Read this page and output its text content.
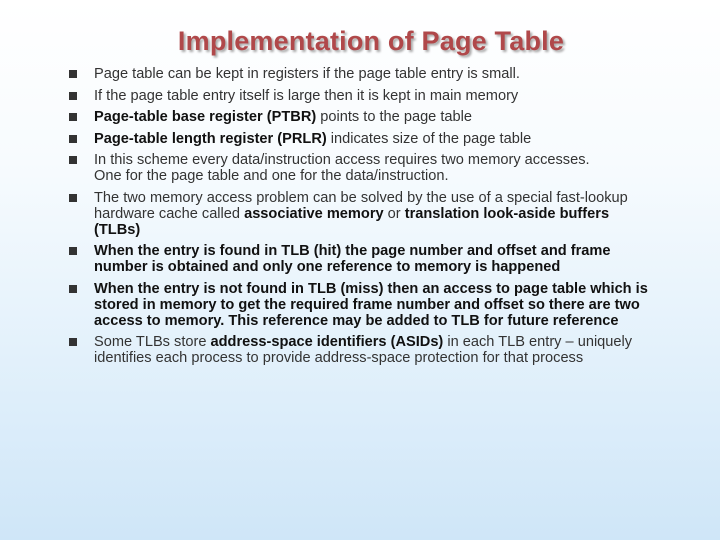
Implementation of Page Table
Page table can be kept in registers if the page table entry is small.
If the page table entry itself is large then it is kept in main memory
Page-table base register (PTBR) points to the page table
Page-table length register (PRLR) indicates size of the page table
In this scheme every data/instruction access requires two memory accesses.
One for the page table and one for the data/instruction.
The two memory access problem can be solved by the use of a special fast-lookup hardware cache called associative memory or translation look-aside buffers (TLBs)
When the entry is found in TLB (hit) the page number and offset and frame number is obtained and only one reference to memory is happened
When the entry is not found in TLB (miss) then an access to page table which is stored in memory to get the required frame number and offset so there are two access to memory. This reference may be added to TLB for future reference
Some TLBs store address-space identifiers (ASIDs) in each TLB entry – uniquely identifies each process to provide address-space protection for that process
